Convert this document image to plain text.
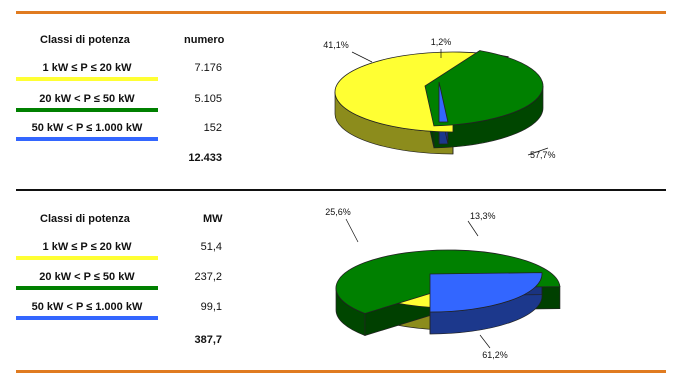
Classi di potenza	numero
1 kW ≤ P ≤ 20 kW	7.176
20 kW < P ≤ 50 kW	5.105
50 kW < P ≤ 1.000 kW	152
12.433
Classi di potenza	MW
1 kW ≤ P ≤ 20 kW	51,4
20 kW < P ≤ 50 kW	237,2
50 kW < P ≤ 1.000 kW	99,1
387,7
57,7%
41,1%	1,2%
13,3%
61,2%
25,6%
